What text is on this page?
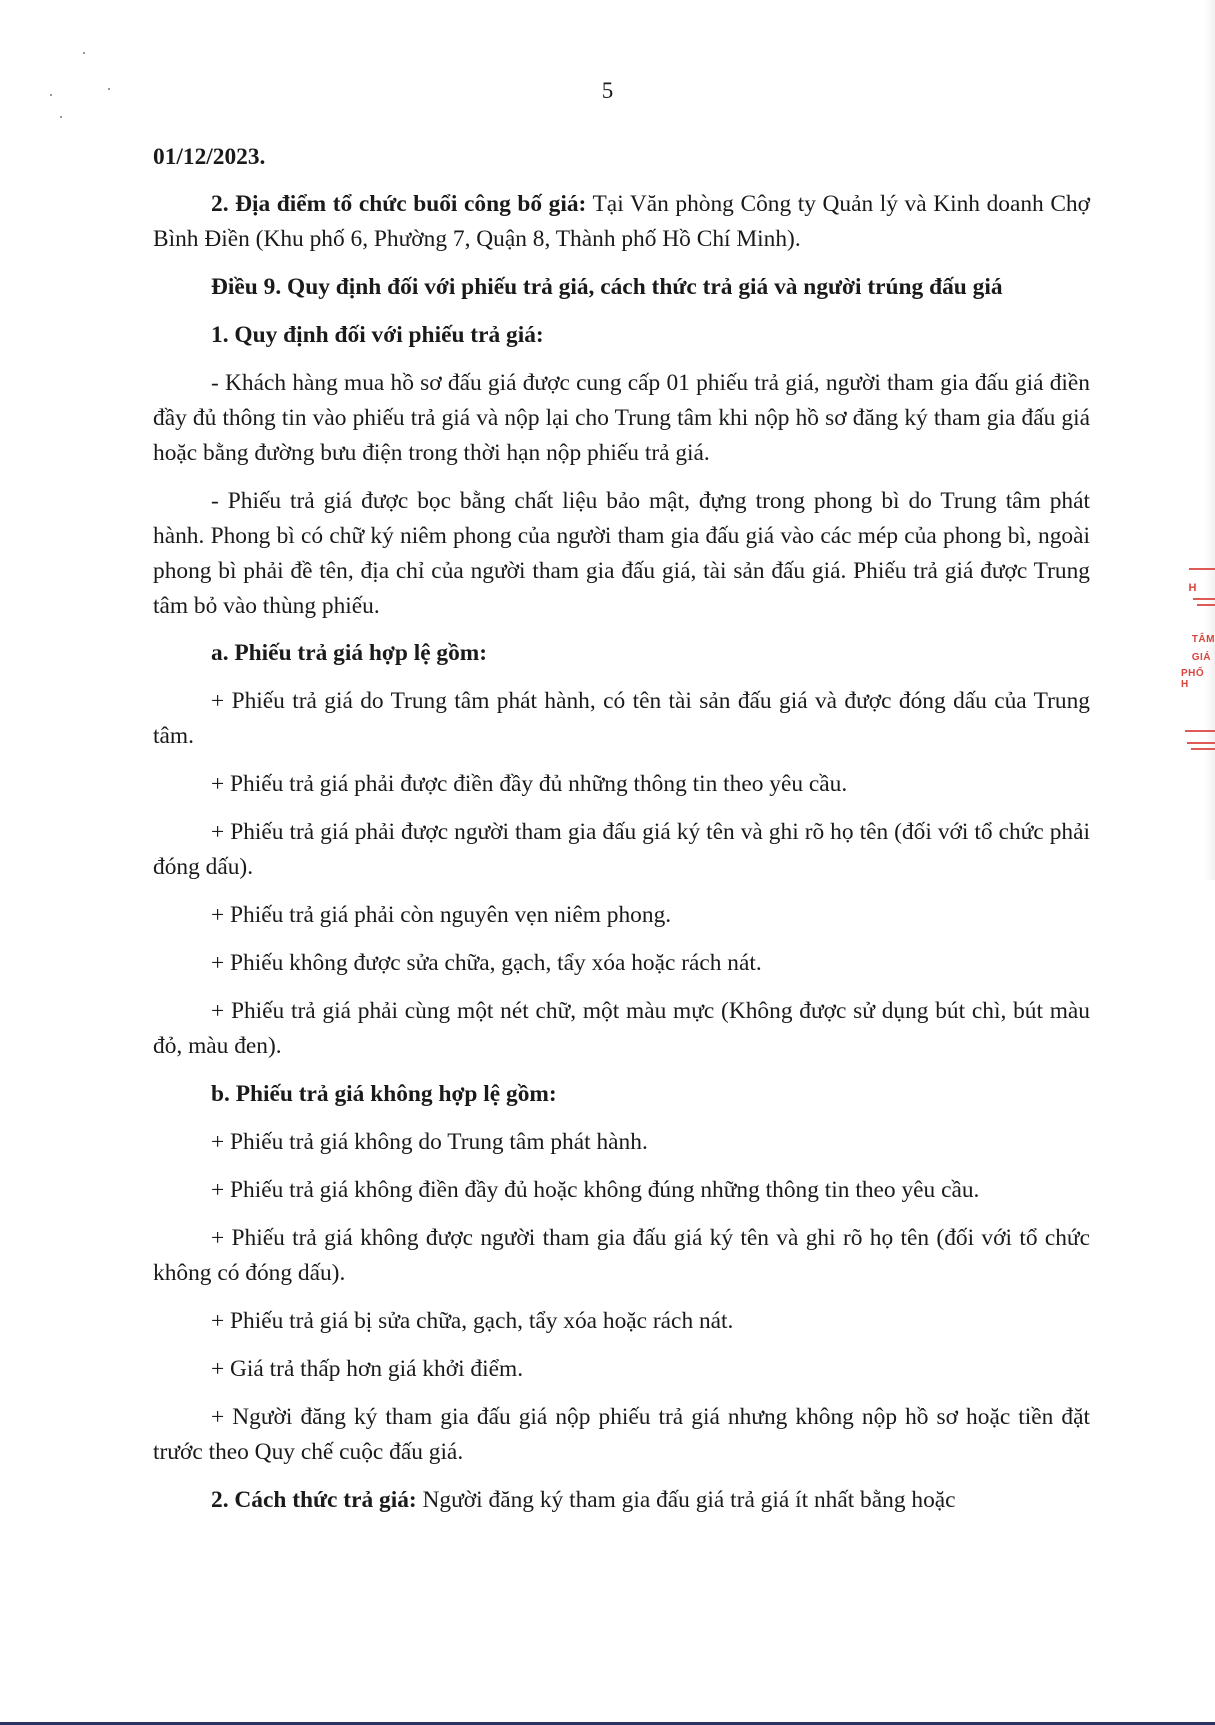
5

01/12/2023.

2. Địa điểm tổ chức buổi công bố giá: Tại Văn phòng Công ty Quản lý và Kinh doanh Chợ Bình Điền (Khu phố 6, Phường 7, Quận 8, Thành phố Hồ Chí Minh).

Điều 9. Quy định đối với phiếu trả giá, cách thức trả giá và người trúng đấu giá

1. Quy định đối với phiếu trả giá:

- Khách hàng mua hồ sơ đấu giá được cung cấp 01 phiếu trả giá, người tham gia đấu giá điền đầy đủ thông tin vào phiếu trả giá và nộp lại cho Trung tâm khi nộp hồ sơ đăng ký tham gia đấu giá hoặc bằng đường bưu điện trong thời hạn nộp phiếu trả giá.

- Phiếu trả giá được bọc bằng chất liệu bảo mật, đựng trong phong bì do Trung tâm phát hành. Phong bì có chữ ký niêm phong của người tham gia đấu giá vào các mép của phong bì, ngoài phong bì phải đề tên, địa chỉ của người tham gia đấu giá, tài sản đấu giá. Phiếu trả giá được Trung tâm bỏ vào thùng phiếu.

a. Phiếu trả giá hợp lệ gồm:

+ Phiếu trả giá do Trung tâm phát hành, có tên tài sản đấu giá và được đóng dấu của Trung tâm.

+ Phiếu trả giá phải được điền đầy đủ những thông tin theo yêu cầu.

+ Phiếu trả giá phải được người tham gia đấu giá ký tên và ghi rõ họ tên (đối với tổ chức phải đóng dấu).

+ Phiếu trả giá phải còn nguyên vẹn niêm phong.

+ Phiếu không được sửa chữa, gạch, tẩy xóa hoặc rách nát.

+ Phiếu trả giá phải cùng một nét chữ, một màu mực (Không được sử dụng bút chì, bút màu đỏ, màu đen).

b. Phiếu trả giá không hợp lệ gồm:

+ Phiếu trả giá không do Trung tâm phát hành.

+ Phiếu trả giá không điền đầy đủ hoặc không đúng những thông tin theo yêu cầu.

+ Phiếu trả giá không được người tham gia đấu giá ký tên và ghi rõ họ tên (đối với tổ chức không có đóng dấu).

+ Phiếu trả giá bị sửa chữa, gạch, tẩy xóa hoặc rách nát.

+ Giá trả thấp hơn giá khởi điểm.

+ Người đăng ký tham gia đấu giá nộp phiếu trả giá nhưng không nộp hồ sơ hoặc tiền đặt trước theo Quy chế cuộc đấu giá.

2. Cách thức trả giá: Người đăng ký tham gia đấu giá trả giá ít nhất bằng hoặc

H
TÂM
GIÁ
PHỐ H
